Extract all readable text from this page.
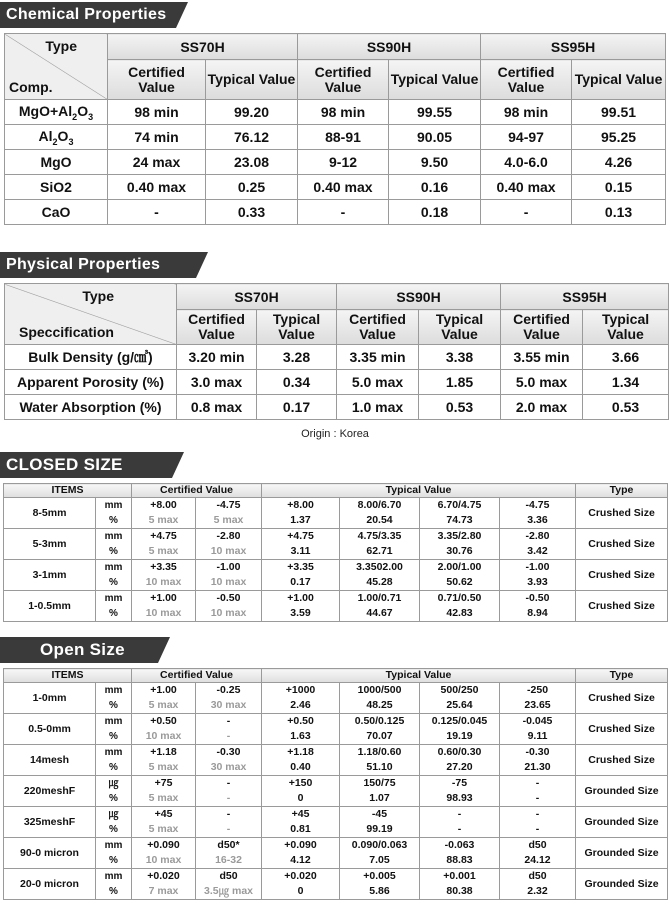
Chemical Properties
Type
Comp.	SS70H		SS90H		SS95H	
	Certified Value	Typical Value	Certified Value	Typical Value	Certified Value	Typical Value
$MgO+Al_2O_3$	98 min	99.20	98 min	99.55	98 min	99.51
$Al_2O_3$	74 min	76.12	88-91	90.05	94-97	95.25
MgO	24 max	23.08	9-12	9.50	4.0-6.0	4.26
SiO2	0.40 max	0.25	0.40 max	0.16	0.40 max	0.15
CaO	-	0.33	-	0.18	-	0.13
Physical Properties
Type
Speccification	SS70H		SS90H		SS95H	
	Certified Value	Typical Value	Certified Value	Typical Value	Certified Value	Typical Value
Bulk Density (g/㎤)	3.20 min	3.28	3.35 min	3.38	3.55 min	3.66
Apparent Porosity (%)	3.0 max	0.34	5.0 max	1.85	5.0 max	1.34
Water Absorption (%)	0.8 max	0.17	1.0 max	0.53	2.0 max	0.53
Origin : Korea
CLOSED SIZE
ITEMS		Certified Value		Typical Value				Type
8-5mm	mm	+8.00	-4.75	+8.00	8.00/6.70	6.70/4.75	-4.75	Crushed Size
	%	5 max	5 max	1.37	20.54	74.73	3.36	
5-3mm	mm	+4.75	-2.80	+4.75	4.75/3.35	3.35/2.80	-2.80	Crushed Size
	%	5 max	10 max	3.11	62.71	30.76	3.42	
3-1mm	mm	+3.35	-1.00	+3.35	3.3502.00	2.00/1.00	-1.00	Crushed Size
	%	10 max	10 max	0.17	45.28	50.62	3.93	
1-0.5mm	mm	+1.00	-0.50	+1.00	1.00/0.71	0.71/0.50	-0.50	Crushed Size
	%	10 max	10 max	3.59	44.67	42.83	8.94	
Open Size
ITEMS		Certified Value		Typical Value				Type
1-0mm	mm	+1.00	-0.25	+1000	1000/500	500/250	-250	Crushed Size
	%	5 max	30 max	2.46	48.25	25.64	23.65	
0.5-0mm	mm	+0.50	-	+0.50	0.50/0.125	0.125/0.045	-0.045	Crushed Size
	%	10 max	-	1.63	70.07	19.19	9.11	
14mesh	mm	+1.18	-0.30	+1.18	1.18/0.60	0.60/0.30	-0.30	Crushed Size
	%	5 max	30 max	0.40	51.10	27.20	21.30	
220meshF	㎍	+75	-	+150	150/75	-75	-	Grounded Size
	%	5 max	-	0	1.07	98.93	-	
325meshF	㎍	+45	-	+45	-45	-	-	Grounded Size
	%	5 max	-	0.81	99.19	-	-	
90-0 micron	mm	+0.090	d50*	+0.090	0.090/0.063	-0.063	d50	Grounded Size
	%	10 max	16-32	4.12	7.05	88.83	24.12	
20-0 micron	mm	+0.020	d50	+0.020	+0.005	+0.001	d50	Grounded Size
	%	7 max	3.5㎍ max	0	5.86	80.38	2.32	
